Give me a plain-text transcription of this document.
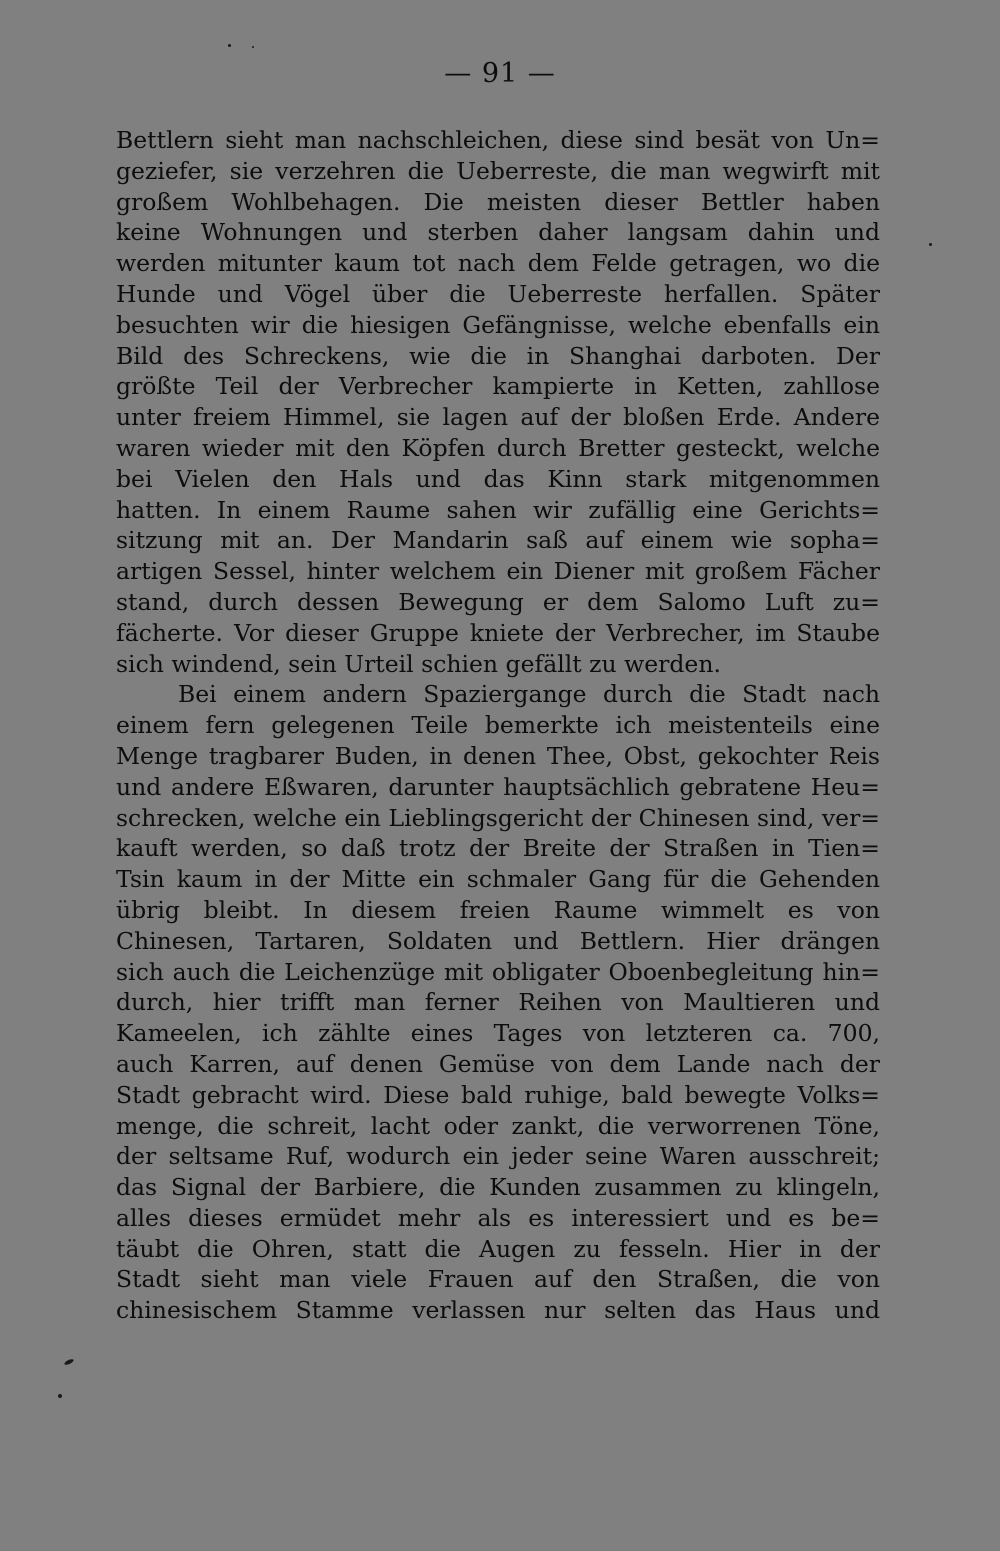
— 91 —
Bettlern sieht man nachschleichen, diese sind besät von Un=
geziefer, sie verzehren die Ueberreste, die man wegwirft mit
großem Wohlbehagen. Die meisten dieser Bettler haben
keine Wohnungen und sterben daher langsam dahin und
werden mitunter kaum tot nach dem Felde getragen, wo die
Hunde und Vögel über die Ueberreste herfallen. Später
besuchten wir die hiesigen Gefängnisse, welche ebenfalls ein
Bild des Schreckens, wie die in Shanghai darboten. Der
größte Teil der Verbrecher kampierte in Ketten, zahllose
unter freiem Himmel, sie lagen auf der bloßen Erde. Andere
waren wieder mit den Köpfen durch Bretter gesteckt, welche
bei Vielen den Hals und das Kinn stark mitgenommen
hatten. In einem Raume sahen wir zufällig eine Gerichts=
sitzung mit an. Der Mandarin saß auf einem wie sopha=
artigen Sessel, hinter welchem ein Diener mit großem Fächer
stand, durch dessen Bewegung er dem Salomo Luft zu=
fächerte. Vor dieser Gruppe kniete der Verbrecher, im Staube
sich windend, sein Urteil schien gefällt zu werden.
Bei einem andern Spaziergange durch die Stadt nach
einem fern gelegenen Teile bemerkte ich meistenteils eine
Menge tragbarer Buden, in denen Thee, Obst, gekochter Reis
und andere Eßwaren, darunter hauptsächlich gebratene Heu=
schrecken, welche ein Lieblingsgericht der Chinesen sind, ver=
kauft werden, so daß trotz der Breite der Straßen in Tien=
Tsin kaum in der Mitte ein schmaler Gang für die Gehenden
übrig bleibt. In diesem freien Raume wimmelt es von
Chinesen, Tartaren, Soldaten und Bettlern. Hier drängen
sich auch die Leichenzüge mit obligater Oboenbegleitung hin=
durch, hier trifft man ferner Reihen von Maultieren und
Kameelen, ich zählte eines Tages von letzteren ca. 700,
auch Karren, auf denen Gemüse von dem Lande nach der
Stadt gebracht wird. Diese bald ruhige, bald bewegte Volks=
menge, die schreit, lacht oder zankt, die verworrenen Töne,
der seltsame Ruf, wodurch ein jeder seine Waren ausschreit;
das Signal der Barbiere, die Kunden zusammen zu klingeln,
alles dieses ermüdet mehr als es interessiert und es be=
täubt die Ohren, statt die Augen zu fesseln. Hier in der
Stadt sieht man viele Frauen auf den Straßen, die von
chinesischem Stamme verlassen nur selten das Haus und
